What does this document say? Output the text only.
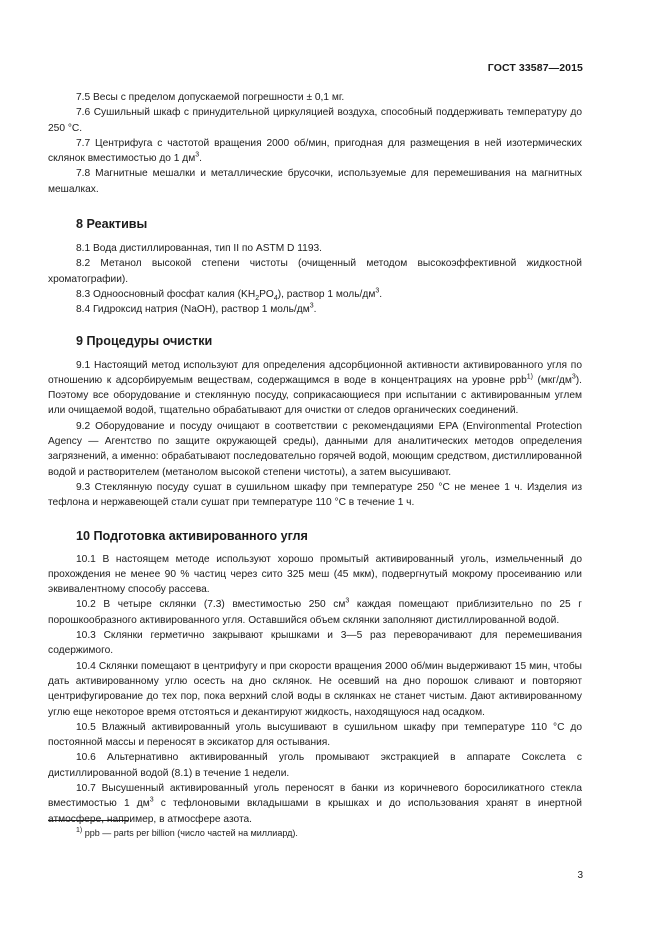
ГОСТ 33587—2015

7.5 Весы с пределом допускаемой погрешности ± 0,1 мг.

7.6 Сушильный шкаф с принудительной циркуляцией воздуха, способный поддерживать температуру до 250 °С.

7.7 Центрифуга с частотой вращения 2000 об/мин, пригодная для размещения в ней изотермических склянок вместимостью до 1 $дм^3$.

7.8 Магнитные мешалки и металлические брусочки, используемые для перемешивания на магнитных мешалках.

8 Реактивы

8.1 Вода дистиллированная, тип II по ASTM D 1193.

8.2 Метанол высокой степени чистоты (очищенный методом высокоэффективной жидкостной хроматографии).

8.3 Одноосновный фосфат калия $(KH_2PO_4)$, раствор 1 моль/$дм^3$.

8.4 Гидроксид натрия (NaOH), раствор 1 моль/$дм^3$.

9 Процедуры очистки

9.1 Настоящий метод используют для определения адсорбционной активности активированного угля по отношению к адсорбируемым веществам, содержащимся в воде в концентрациях на уровне ppb$^{1)}$ $(мкг/дм^3)$. Поэтому все оборудование и стеклянную посуду, соприкасающиеся при испытании с активированным углем или очищаемой водой, тщательно обрабатывают для очистки от следов органических соединений.

9.2 Оборудование и посуду очищают в соответствии с рекомендациями EPA (Environmental Protection Agency — Агентство по защите окружающей среды), данными для аналитических методов определения загрязнений, а именно: обрабатывают последовательно горячей водой, моющим средством, дистиллированной водой и растворителем (метанолом высокой степени чистоты), а затем высушивают.

9.3 Стеклянную посуду сушат в сушильном шкафу при температуре 250 °С не менее 1 ч. Изделия из тефлона и нержавеющей стали сушат при температуре 110 °С в течение 1 ч.

10 Подготовка активированного угля

10.1 В настоящем методе используют хорошо промытый активированный уголь, измельченный до прохождения не менее 90 % частиц через сито 325 меш (45 мкм), подвергнутый мокрому просеиванию или эквивалентному способу рассева.

10.2 В четыре склянки (7.3) вместимостью 250 $см^3$ каждая помещают приблизительно по 25 г порошкообразного активированного угля. Оставшийся объем склянки заполняют дистиллированной водой.

10.3 Склянки герметично закрывают крышками и 3—5 раз переворачивают для перемешивания содержимого.

10.4 Склянки помещают в центрифугу и при скорости вращения 2000 об/мин выдерживают 15 мин, чтобы дать активированному углю осесть на дно склянок. Не осевший на дно порошок сливают и повторяют центрифугирование до тех пор, пока верхний слой воды в склянках не станет чистым. Дают активированному углю еще некоторое время отстояться и декантируют жидкость, находящуюся над осадком.

10.5 Влажный активированный уголь высушивают в сушильном шкафу при температуре 110 °С до постоянной массы и переносят в эксикатор для остывания.

10.6 Альтернативно активированный уголь промывают экстракцией в аппарате Сокслета с дистиллированной водой (8.1) в течение 1 недели.

10.7 Высушенный активированный уголь переносят в банки из коричневого боросиликатного стекла вместимостью 1 $дм^3$ с тефлоновыми вкладышами в крышках и до использования хранят в инертной атмосфере, например, в атмосфере азота.

$^{1)}$ ppb — parts per billion (число частей на миллиард).
3
